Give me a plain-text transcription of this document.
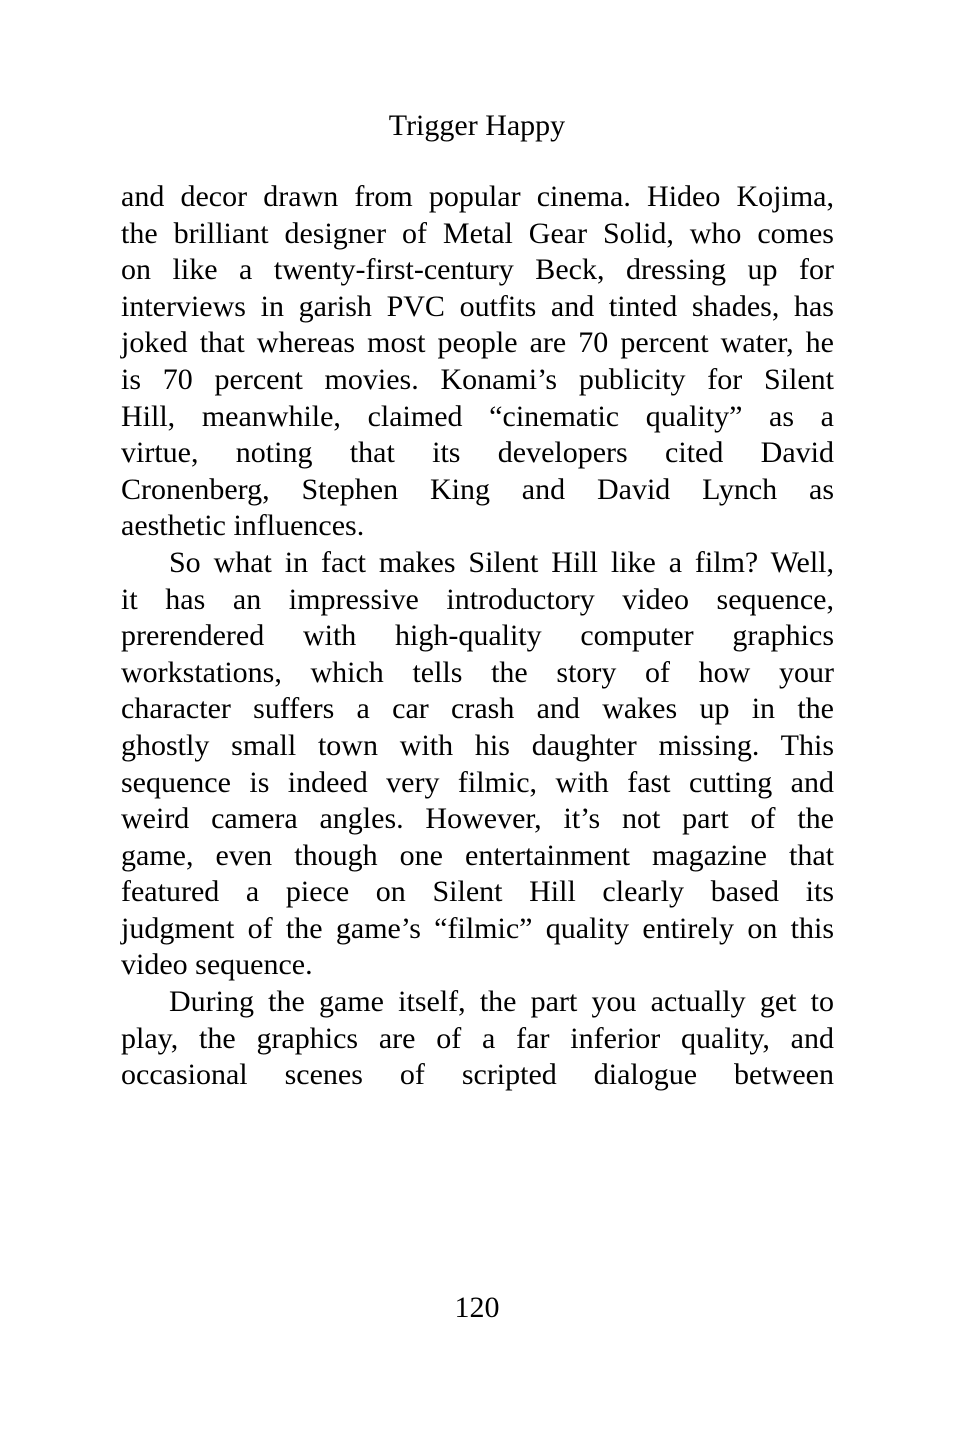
Trigger Happy
and decor drawn from popular cinema. Hideo Kojima,
the brilliant designer of Metal Gear Solid, who comes
on like a twenty-first-century Beck, dressing up for
interviews in garish PVC outfits and tinted shades, has
joked that whereas most people are 70 percent water, he
is 70 percent movies. Konami’s publicity for Silent
Hill, meanwhile, claimed “cinematic quality” as a
virtue, noting that its developers cited David
Cronenberg, Stephen King and David Lynch as
aesthetic influences.
So what in fact makes Silent Hill like a film? Well,
it has an impressive introductory video sequence,
prerendered with high-quality computer graphics
workstations, which tells the story of how your
character suffers a car crash and wakes up in the
ghostly small town with his daughter missing. This
sequence is indeed very filmic, with fast cutting and
weird camera angles. However, it’s not part of the
game, even though one entertainment magazine that
featured a piece on Silent Hill clearly based its
judgment of the game’s “filmic” quality entirely on this
video sequence.
During the game itself, the part you actually get to
play, the graphics are of a far inferior quality, and
occasional scenes of scripted dialogue between
120
